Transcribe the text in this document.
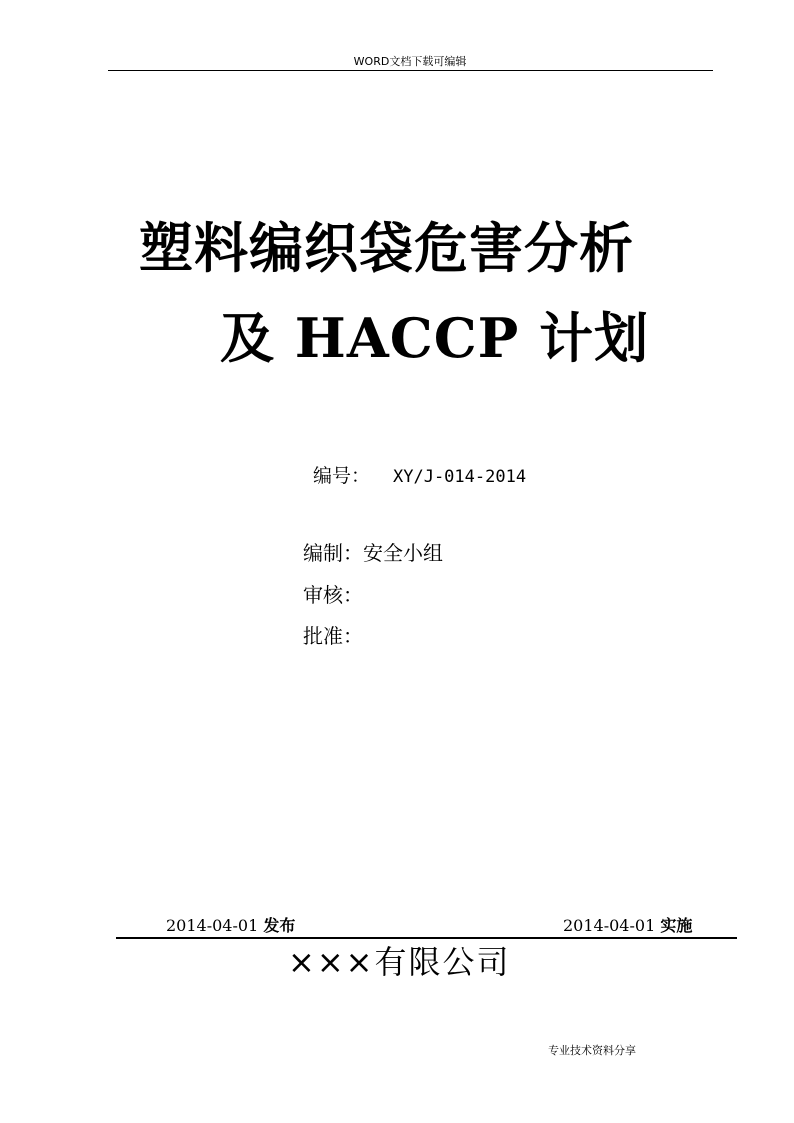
WORD文档下载可编辑
塑料编织袋危害分析
及 HACCP 计划
编号： XY/J-014-2014
编制：安全小组
审核：
批准：
2014-04-01 发布	2014-04-01 实施
×××有限公司
专业技术资料分享
